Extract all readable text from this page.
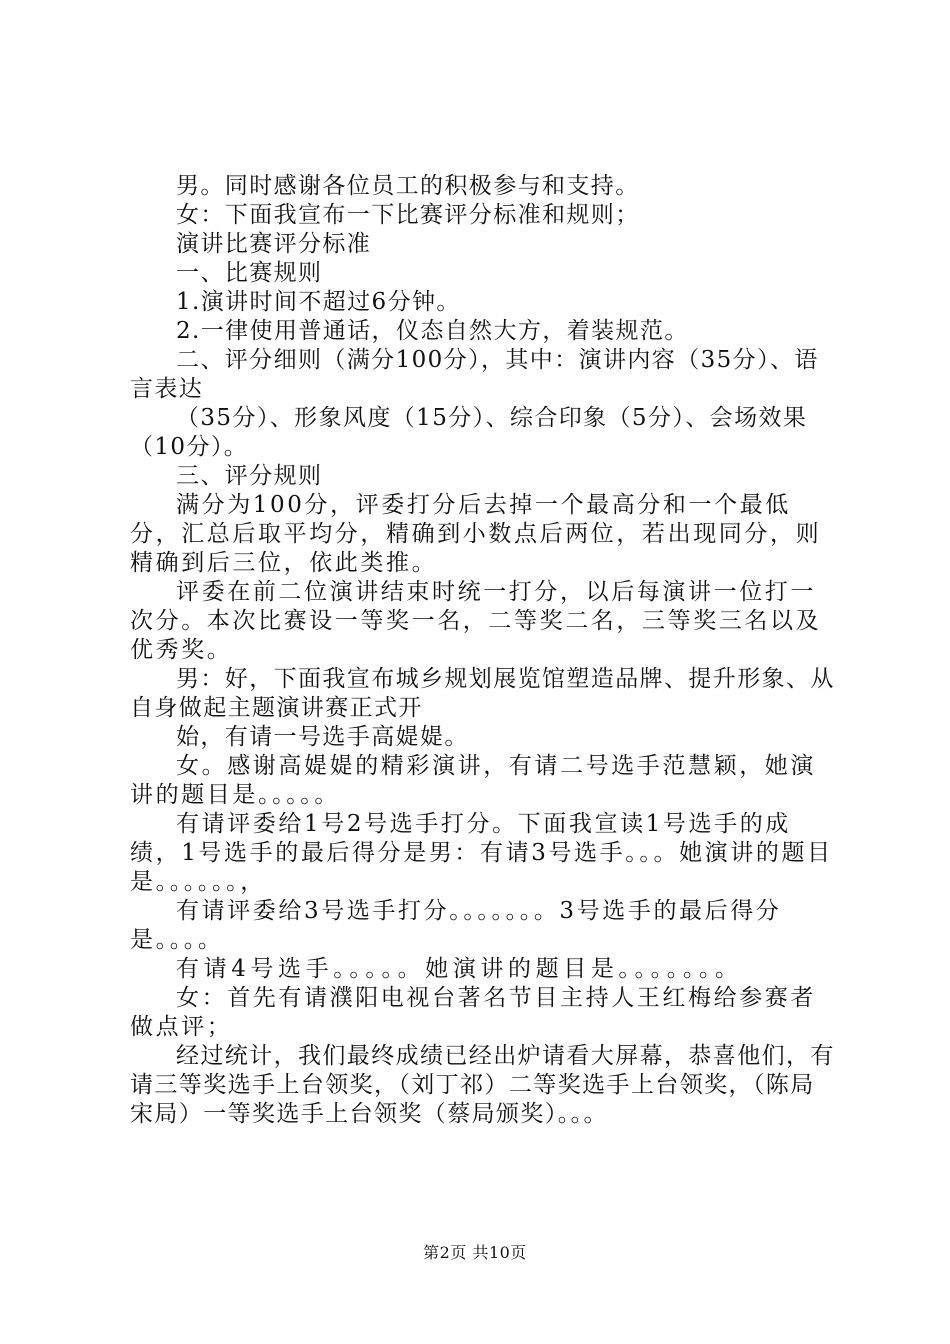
男。同时感谢各位员工的积极参与和支持。

女：下面我宣布一下比赛评分标准和规则；

演讲比赛评分标准

一、比赛规则

1.演讲时间不超过6分钟。

2.一律使用普通话，仪态自然大方，着装规范。

二、评分细则（满分100分），其中：演讲内容（35分）、语言表达

（35分）、形象风度（15分）、综合印象（5分）、会场效果（10分）。

三、评分规则

满分为100分，评委打分后去掉一个最高分和一个最低分，汇总后取平均分，精确到小数点后两位，若出现同分，则精确到后三位，依此类推。

评委在前二位演讲结束时统一打分，以后每演讲一位打一次分。本次比赛设一等奖一名，二等奖二名，三等奖三名以及优秀奖。

男：好，下面我宣布城乡规划展览馆塑造品牌、提升形象、从自身做起主题演讲赛正式开

始，有请一号选手高媞媞。

女。感谢高媞媞的精彩演讲，有请二号选手范慧颖，她演讲的题目是。。。。。

有请评委给1号2号选手打分。下面我宣读1号选手的成绩，1号选手的最后得分是男：有请3号选手。。。她演讲的题目是。。。。。。，

有请评委给3号选手打分。。。。。。。3号选手的最后得分是。。。。

有请4号选手。。。。。她演讲的题目是。。。。。。。

女：首先有请濮阳电视台著名节目主持人王红梅给参赛者做点评；

经过统计，我们最终成绩已经出炉请看大屏幕，恭喜他们，有请三等奖选手上台领奖，（刘丁祁）二等奖选手上台领奖，（陈局宋局）一等奖选手上台领奖（蔡局颁奖）。。。

第2页 共10页
